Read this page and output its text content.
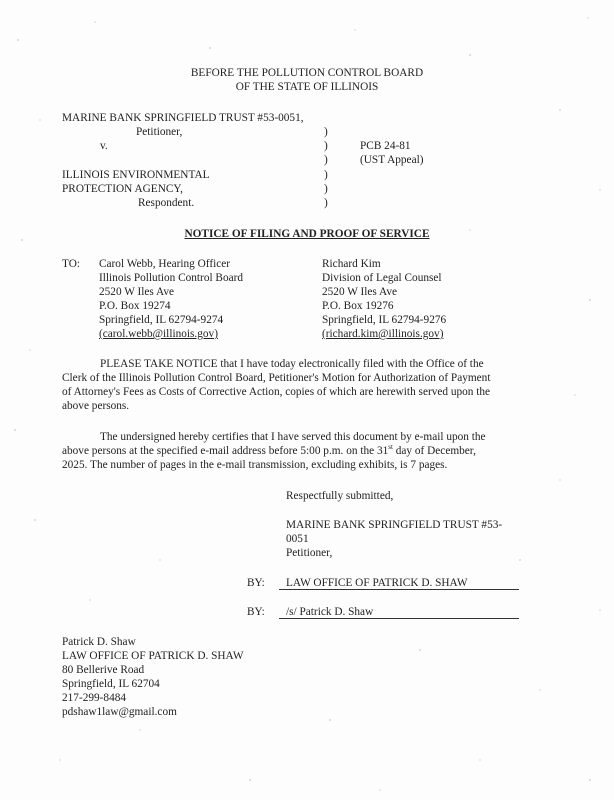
BEFORE THE POLLUTION CONTROL BOARD
OF THE STATE OF ILLINOIS
MARINE BANK SPRINGFIELD TRUST #53-0051,
Petitioner,
v.
ILLINOIS ENVIRONMENTAL
PROTECTION AGENCY,
Respondent.
)
)
)
)
)
)
PCB 24-81
(UST Appeal)
NOTICE OF FILING AND PROOF OF SERVICE
TO: Carol Webb, Hearing Officer
Illinois Pollution Control Board
2520 W Iles Ave
P.O. Box 19274
Springfield, IL 62794-9274
(carol.webb@illinois.gov)
Richard Kim
Division of Legal Counsel
2520 W Iles Ave
P.O. Box 19276
Springfield, IL 62794-9276
(richard.kim@illinois.gov)
PLEASE TAKE NOTICE that I have today electronically filed with the Office of the
Clerk of the Illinois Pollution Control Board, Petitioner's Motion for Authorization of Payment
of Attorney's Fees as Costs of Corrective Action, copies of which are herewith served upon the
above persons.
The undersigned hereby certifies that I have served this document by e-mail upon the
above persons at the specified e-mail address before 5:00 p.m. on the 31st day of December,
2025. The number of pages in the e-mail transmission, excluding exhibits, is 7 pages.
Respectfully submitted,
MARINE BANK SPRINGFIELD TRUST #53-
0051
Petitioner,
BY: LAW OFFICE OF PATRICK D. SHAW
BY: /s/ Patrick D. Shaw
Patrick D. Shaw
LAW OFFICE OF PATRICK D. SHAW
80 Bellerive Road
Springfield, IL 62704
217-299-8484
pdshaw1law@gmail.com
